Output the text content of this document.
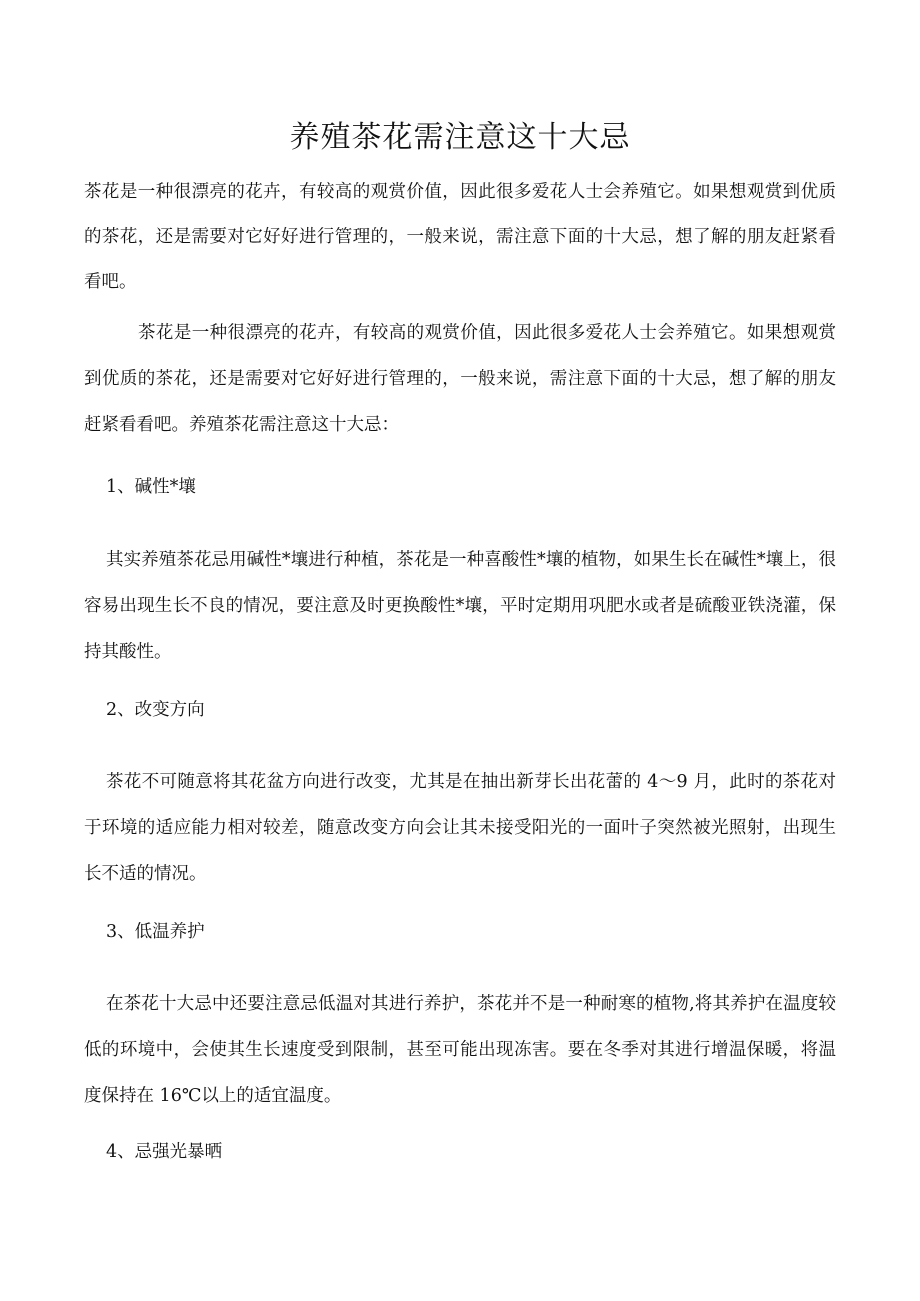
养殖茶花需注意这十大忌

茶花是一种很漂亮的花卉，有较高的观赏价值，因此很多爱花人士会养殖它。如果想观赏到优质的茶花，还是需要对它好好进行管理的，一般来说，需注意下面的十大忌，想了解的朋友赶紧看看吧。

茶花是一种很漂亮的花卉，有较高的观赏价值，因此很多爱花人士会养殖它。如果想观赏到优质的茶花，还是需要对它好好进行管理的，一般来说，需注意下面的十大忌，想了解的朋友赶紧看看吧。养殖茶花需注意这十大忌：

1、碱性*壤

其实养殖茶花忌用碱性*壤进行种植，茶花是一种喜酸性*壤的植物，如果生长在碱性*壤上，很容易出现生长不良的情况，要注意及时更换酸性*壤，平时定期用巩肥水或者是硫酸亚铁浇灌，保持其酸性。

2、改变方向

茶花不可随意将其花盆方向进行改变，尤其是在抽出新芽长出花蕾的 4～9 月，此时的茶花对于环境的适应能力相对较差，随意改变方向会让其未接受阳光的一面叶子突然被光照射，出现生长不适的情况。

3、低温养护

在茶花十大忌中还要注意忌低温对其进行养护，茶花并不是一种耐寒的植物,将其养护在温度较低的环境中，会使其生长速度受到限制，甚至可能出现冻害。要在冬季对其进行增温保暖，将温度保持在 16℃以上的适宜温度。

4、忌强光暴晒
